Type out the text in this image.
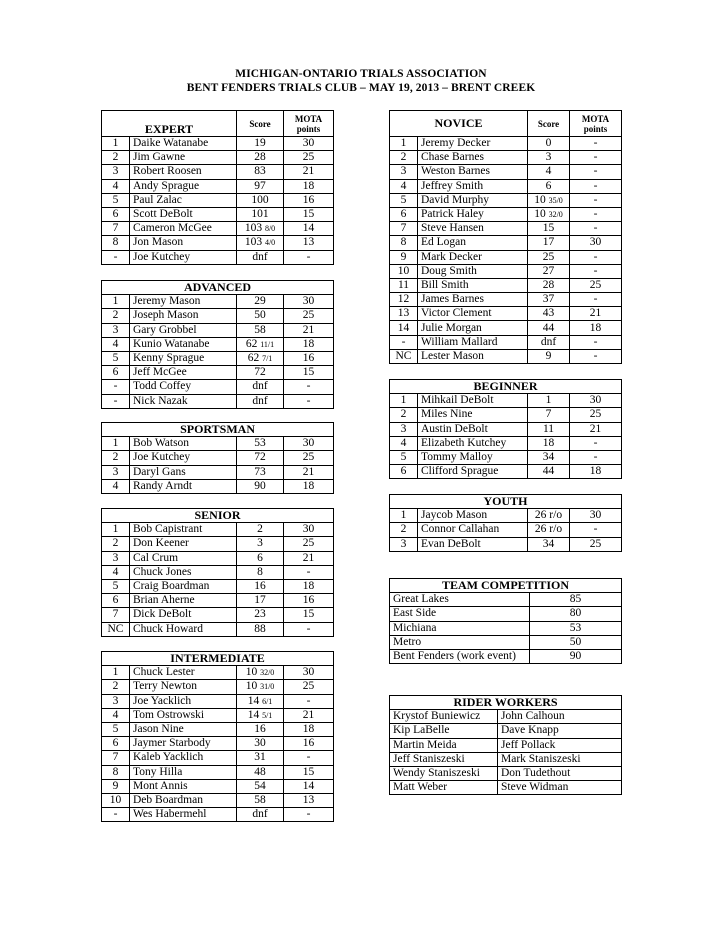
MICHIGAN-ONTARIO TRIALS ASSOCIATION
BENT FENDERS TRIALS CLUB – MAY 19, 2013 – BRENT CREEK
EXPERT		Score	MOTA
points
1	Daike Watanabe	19	30
2	Jim Gawne	28	25
3	Robert Roosen	83	21
4	Andy Sprague	97	18
5	Paul Zalac	100	16
6	Scott DeBolt	101	15
7	Cameron McGee	103 8/0	14
8	Jon Mason	103 4/0	13
-	Joe Kutchey	dnf	-
ADVANCED			
1	Jeremy Mason	29	30
2	Joseph Mason	50	25
3	Gary Grobbel	58	21
4	Kunio Watanabe	62 11/1	18
5	Kenny Sprague	62 7/1	16
6	Jeff McGee	72	15
-	Todd Coffey	dnf	-
-	Nick Nazak	dnf	-
SPORTSMAN			
1	Bob Watson	53	30
2	Joe Kutchey	72	25
3	Daryl Gans	73	21
4	Randy Arndt	90	18
SENIOR			
1	Bob Capistrant	2	30
2	Don Keener	3	25
3	Cal Crum	6	21
4	Chuck Jones	8	-
5	Craig Boardman	16	18
6	Brian Aherne	17	16
7	Dick DeBolt	23	15
NC	Chuck Howard	88	-
INTERMEDIATE			
1	Chuck Lester	10 32/0	30
2	Terry Newton	10 31/0	25
3	Joe Yacklich	14 6/1	-
4	Tom Ostrowski	14 5/1	21
5	Jason Nine	16	18
6	Jaymer Starbody	30	16
7	Kaleb Yacklich	31	-
8	Tony Hilla	48	15
9	Mont Annis	54	14
10	Deb Boardman	58	13
-	Wes Habermehl	dnf	-
NOVICE		Score	MOTA
points
1	Jeremy Decker	0	-
2	Chase Barnes	3	-
3	Weston Barnes	4	-
4	Jeffrey Smith	6	-
5	David Murphy	10 35/0	-
6	Patrick Haley	10 32/0	-
7	Steve Hansen	15	-
8	Ed Logan	17	30
9	Mark Decker	25	-
10	Doug Smith	27	-
11	Bill Smith	28	25
12	James Barnes	37	-
13	Victor Clement	43	21
14	Julie Morgan	44	18
-	William Mallard	dnf	-
NC	Lester Mason	9	-
BEGINNER			
1	Mihkail DeBolt	1	30
2	Miles Nine	7	25
3	Austin DeBolt	11	21
4	Elizabeth Kutchey	18	-
5	Tommy Malloy	34	-
6	Clifford Sprague	44	18
YOUTH			
1	Jaycob Mason	26 r/o	30
2	Connor Callahan	26 r/o	-
3	Evan DeBolt	34	25
TEAM COMPETITION	
Great Lakes	85
East Side	80
Michiana	53
Metro	50
Bent Fenders (work event)	90
RIDER WORKERS	
Krystof Buniewicz	John Calhoun
Kip LaBelle	Dave Knapp
Martin Meida	Jeff Pollack
Jeff Staniszeski	Mark Staniszeski
Wendy Staniszeski	Don Tudethout
Matt Weber	Steve Widman
